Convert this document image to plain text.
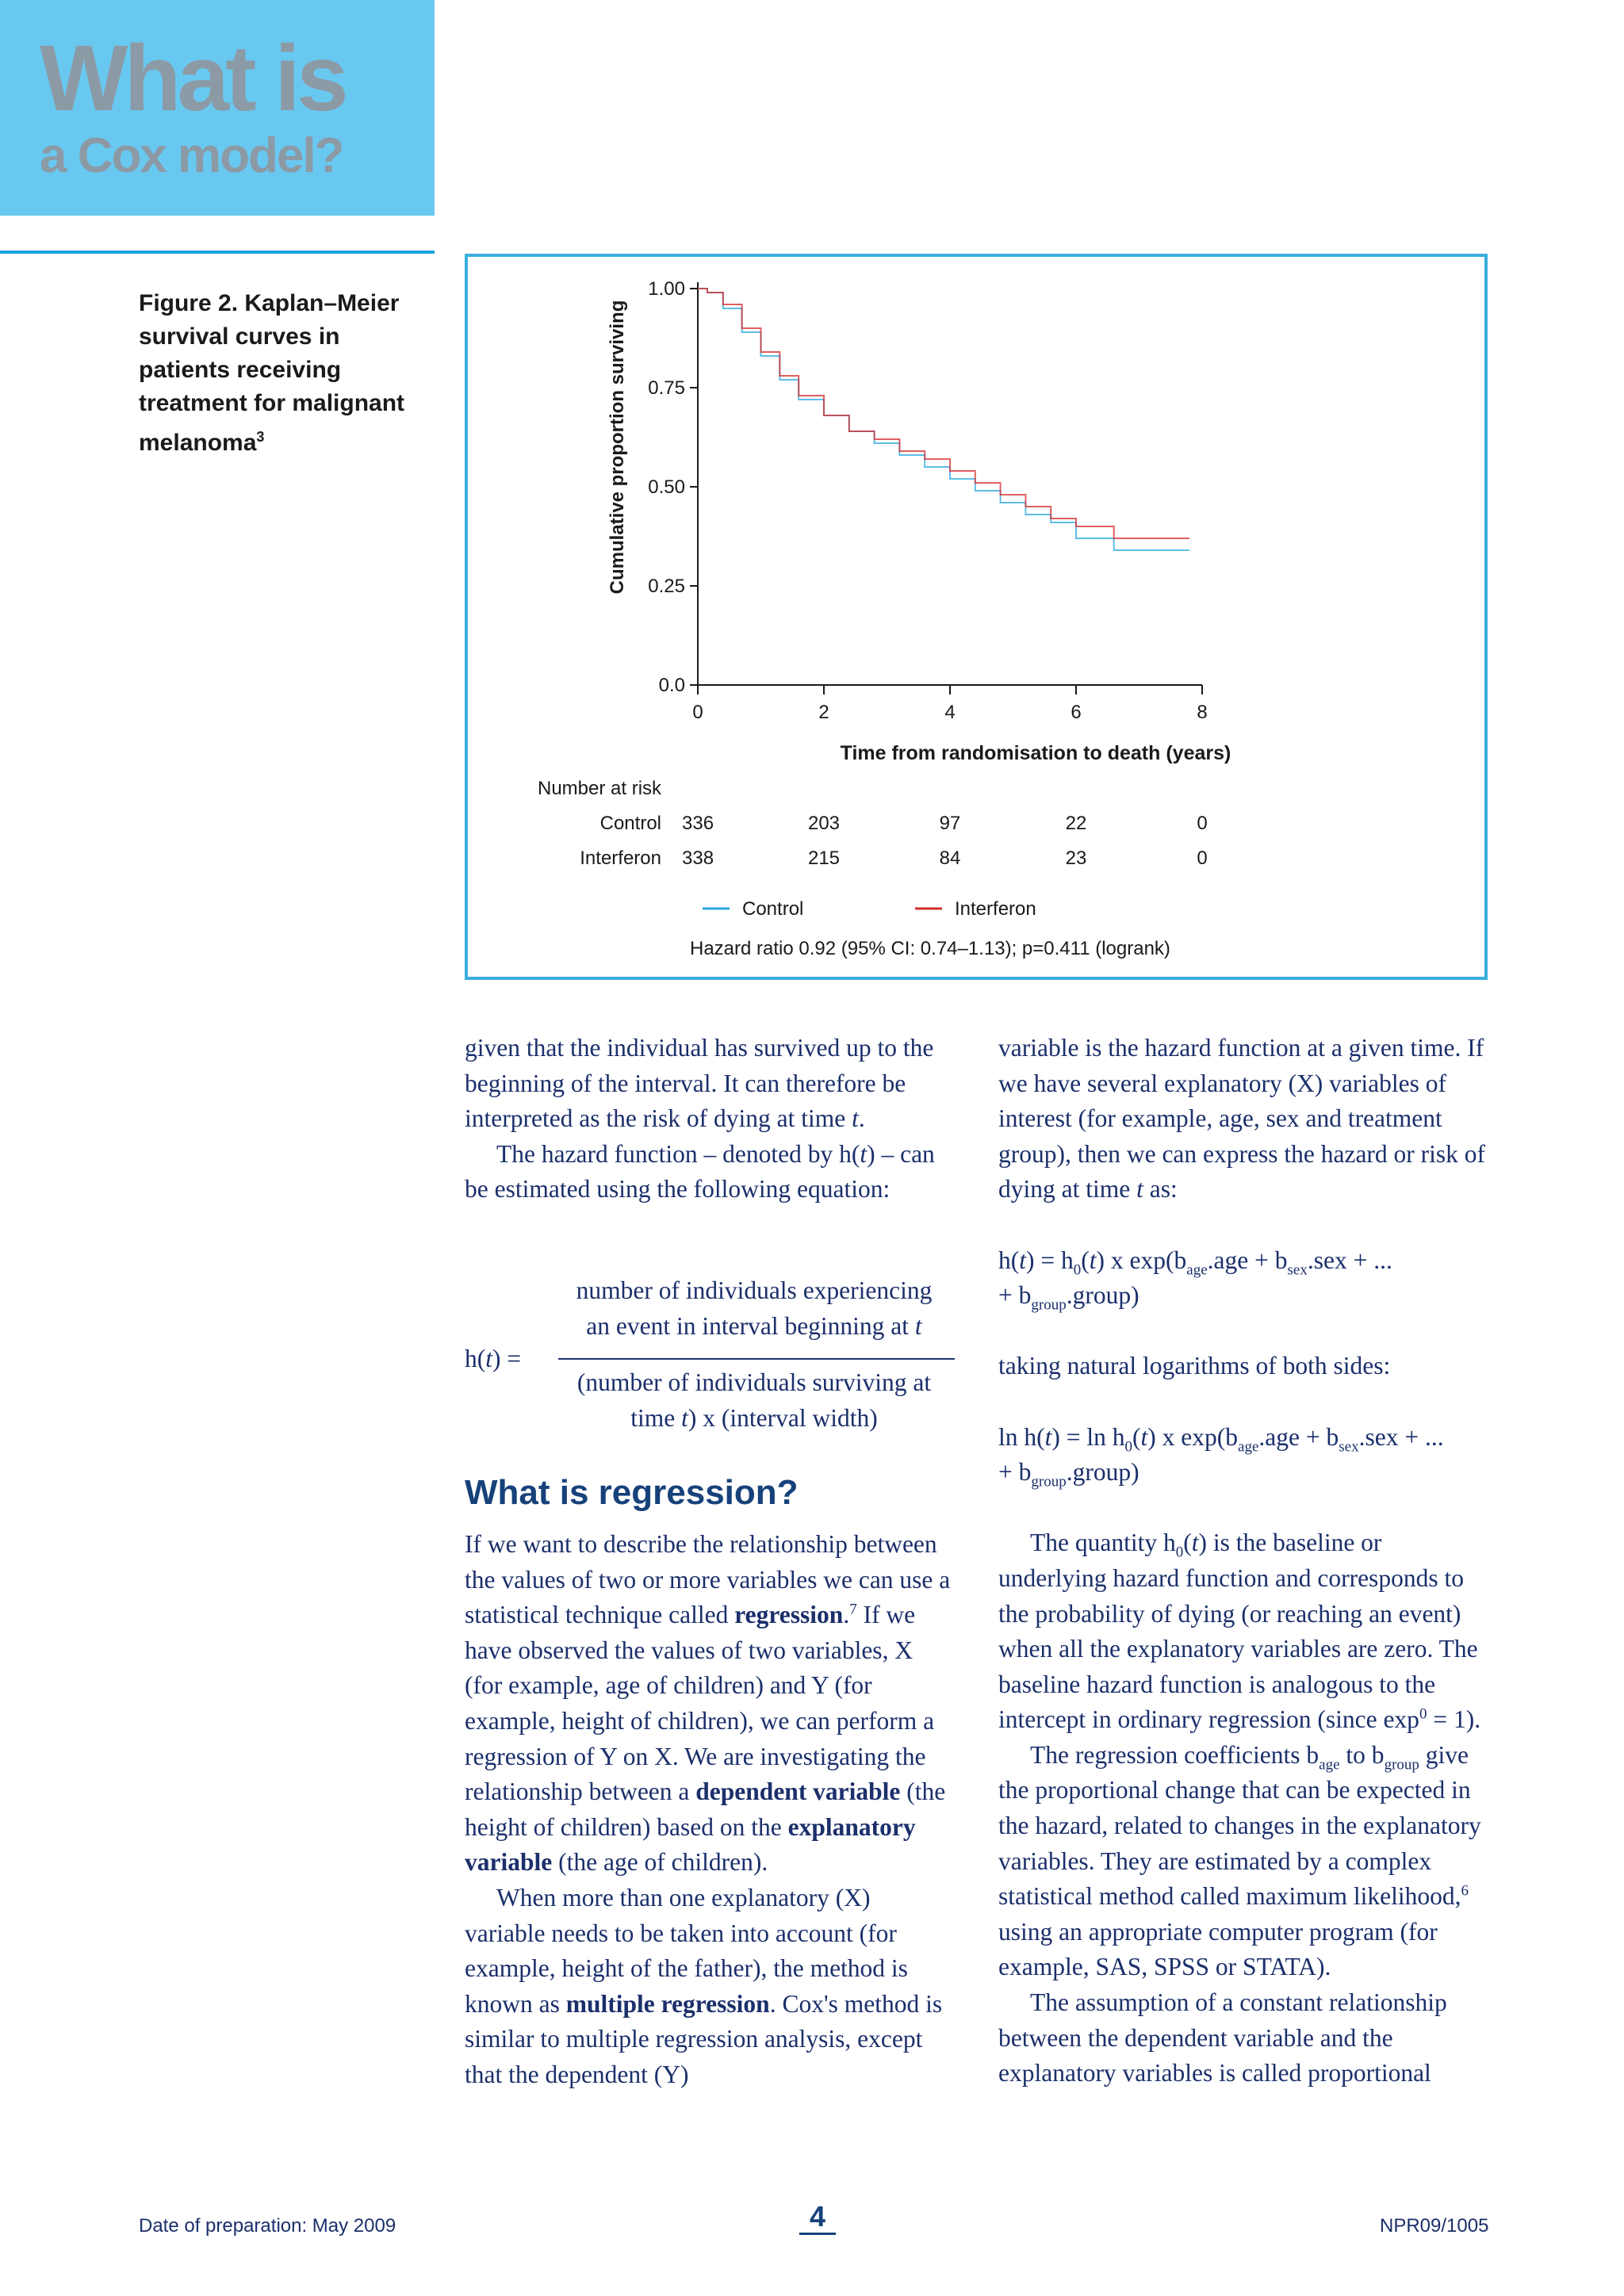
What is
a Cox model?
Figure 2. Kaplan–Meier survival curves in patients receiving treatment for malignant melanoma$^3$
0.0
0.25
0.50
0.75
1.00
0	2	4	6	8
Cumulative proportion surviving
Time from randomisation to death (years)
Number at risk
Control 336	203	97	22	0
Interferon 338	215	84	23	0
Control	Interferon
Hazard ratio 0.92 (95% CI: 0.74–1.13); p=0.411 (logrank)

given that the individual has survived up to the beginning of the interval. It can therefore be interpreted as the risk of dying at time t.

The hazard function – denoted by h(t) – can be estimated using the following equation:

h(t) =
number of individuals experiencing
an event in interval beginning at t
(number of individuals surviving at
time t) x (interval width)
What is regression?

If we want to describe the relationship between the values of two or more variables we can use a statistical technique called regression.$^7$ If we have observed the values of two variables, X (for example, age of children) and Y (for example, height of children), we can perform a regression of Y on X. We are investigating the relationship between a dependent variable (the height of children) based on the explanatory variable (the age of children).

When more than one explanatory (X) variable needs to be taken into account (for example, height of the father), the method is known as multiple regression. Cox's method is similar to multiple regression analysis, except that the dependent (Y)

variable is the hazard function at a given time. If we have several explanatory (X) variables of interest (for example, age, sex and treatment group), then we can express the hazard or risk of dying at time t as:

$h(t) = h_0(t)$ x $\exp(b_{age}.age + b_{sex}.sex$ + ...
+ $b_{group}.group$)

taking natural logarithms of both sides:

$\ln h(t) = \ln h_0(t)$ x $\exp(b_{age}.age + b_{sex}.sex$ + ...
+ $b_{group}.group$)

The quantity $h_0(t)$ is the baseline or underlying hazard function and corresponds to the probability of dying (or reaching an event) when all the explanatory variables are zero. The baseline hazard function is analogous to the intercept in ordinary regression (since $\exp^0 = 1$).

The regression coefficients $b_{age}$ to $b_{group}$ give the proportional change that can be expected in the hazard, related to changes in the explanatory variables. They are estimated by a complex statistical method called maximum likelihood,$^6$ using an appropriate computer program (for example, SAS, SPSS or STATA).

The assumption of a constant relationship between the dependent variable and the explanatory variables is called proportional

Date of preparation: May 2009	4	NPR09/1005
